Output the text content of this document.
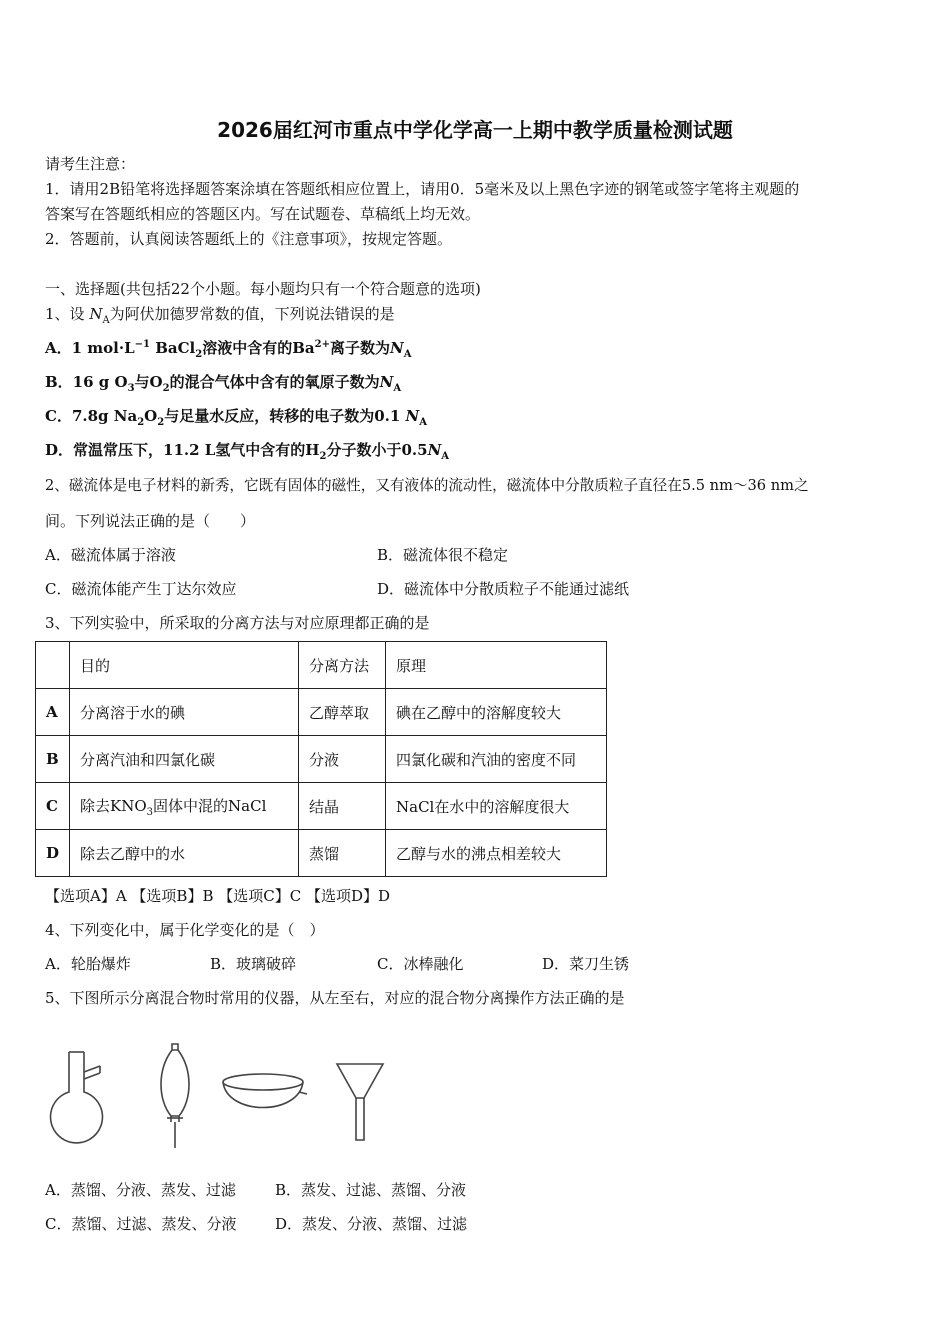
2026届红河市重点中学化学高一上期中教学质量检测试题
请考生注意：
1．请用2B铅笔将选择题答案涂填在答题纸相应位置上，请用0．5毫米及以上黑色字迹的钢笔或签字笔将主观题的
答案写在答题纸相应的答题区内。写在试题卷、草稿纸上均无效。
2．答题前，认真阅读答题纸上的《注意事项》，按规定答题。
一、选择题(共包括22个小题。每小题均只有一个符合题意的选项)
1、设 $N_A$为阿伏加德罗常数的值，下列说法错误的是
A．1 $mol\cdot L^{-1}$ BaCl$_2$溶液中含有的$Ba^{2+}$离子数为$N_A$
B．16 g $O_3$与$O_2$的混合气体中含有的氧原子数为$N_A$
C．7.8g $Na_2O_2$与足量水反应，转移的电子数为0.1 $N_A$
D．常温常压下，11.2 L氢气中含有的$H_2$分子数小于$0.5N_A$
2、磁流体是电子材料的新秀，它既有固体的磁性，又有液体的流动性，磁流体中分散质粒子直径在5.5 nm～36 nm之
间。下列说法正确的是（　　）
A．磁流体属于溶液	B．磁流体很不稳定
C．磁流体能产生丁达尔效应	D．磁流体中分散质粒子不能通过滤纸
3、下列实验中，所采取的分离方法与对应原理都正确的是
	目的	分离方法	原理
A	分离溶于水的碘	乙醇萃取	碘在乙醇中的溶解度较大
B	分离汽油和四氯化碳	分液	四氯化碳和汽油的密度不同
C	除去$KNO_3$固体中混的NaCl	结晶	NaCl在水中的溶解度很大
D	除去乙醇中的水	蒸馏	乙醇与水的沸点相差较大
【选项A】A 【选项B】B 【选项C】C 【选项D】D
4、下列变化中，属于化学变化的是（　）
A．轮胎爆炸	B．玻璃破碎	C．冰棒融化	D．菜刀生锈
5、下图所示分离混合物时常用的仪器，从左至右，对应的混合物分离操作方法正确的是
A．蒸馏、分液、蒸发、过滤	B．蒸发、过滤、蒸馏、分液
C．蒸馏、过滤、蒸发、分液	D．蒸发、分液、蒸馏、过滤
